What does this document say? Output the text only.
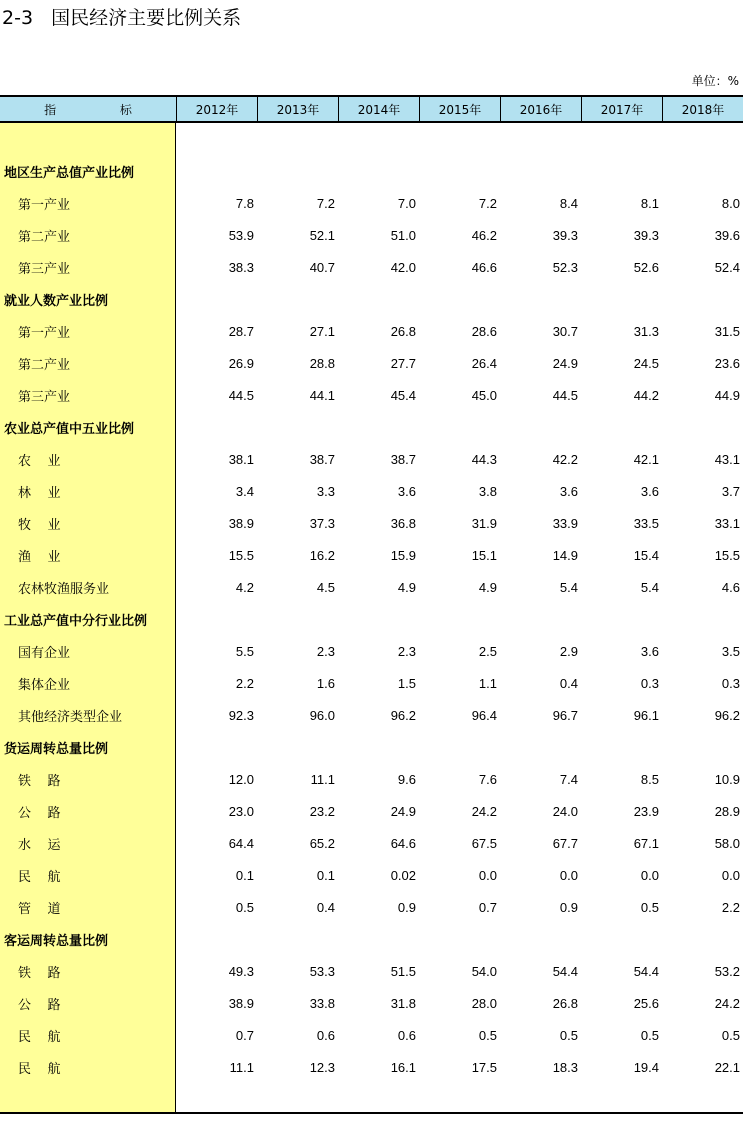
2-3   国民经济主要比例关系
单位：%
指 标	2012年	2013年	2014年	2015年	2016年	2017年	2018年
地区生产总值产业比例
第一产业	7.8	7.2	7.0	7.2	8.4	8.1	8.0
第二产业	53.9	52.1	51.0	46.2	39.3	39.3	39.6
第三产业	38.3	40.7	42.0	46.6	52.3	52.6	52.4
就业人数产业比例
第一产业	28.7	27.1	26.8	28.6	30.7	31.3	31.5
第二产业	26.9	28.8	27.7	26.4	24.9	24.5	23.6
第三产业	44.5	44.1	45.4	45.0	44.5	44.2	44.9
农业总产值中五业比例
农    业	38.1	38.7	38.7	44.3	42.2	42.1	43.1
林    业	3.4	3.3	3.6	3.8	3.6	3.6	3.7
牧    业	38.9	37.3	36.8	31.9	33.9	33.5	33.1
渔    业	15.5	16.2	15.9	15.1	14.9	15.4	15.5
农林牧渔服务业	4.2	4.5	4.9	4.9	5.4	5.4	4.6
工业总产值中分行业比例
国有企业	5.5	2.3	2.3	2.5	2.9	3.6	3.5
集体企业	2.2	1.6	1.5	1.1	0.4	0.3	0.3
其他经济类型企业	92.3	96.0	96.2	96.4	96.7	96.1	96.2
货运周转总量比例
铁    路	12.0	11.1	9.6	7.6	7.4	8.5	10.9
公    路	23.0	23.2	24.9	24.2	24.0	23.9	28.9
水    运	64.4	65.2	64.6	67.5	67.7	67.1	58.0
民    航	0.1	0.1	0.02	0.0	0.0	0.0	0.0
管    道	0.5	0.4	0.9	0.7	0.9	0.5	2.2
客运周转总量比例
铁    路	49.3	53.3	51.5	54.0	54.4	54.4	53.2
公    路	38.9	33.8	31.8	28.0	26.8	25.6	24.2
民    航	0.7	0.6	0.6	0.5	0.5	0.5	0.5
民    航	11.1	12.3	16.1	17.5	18.3	19.4	22.1
